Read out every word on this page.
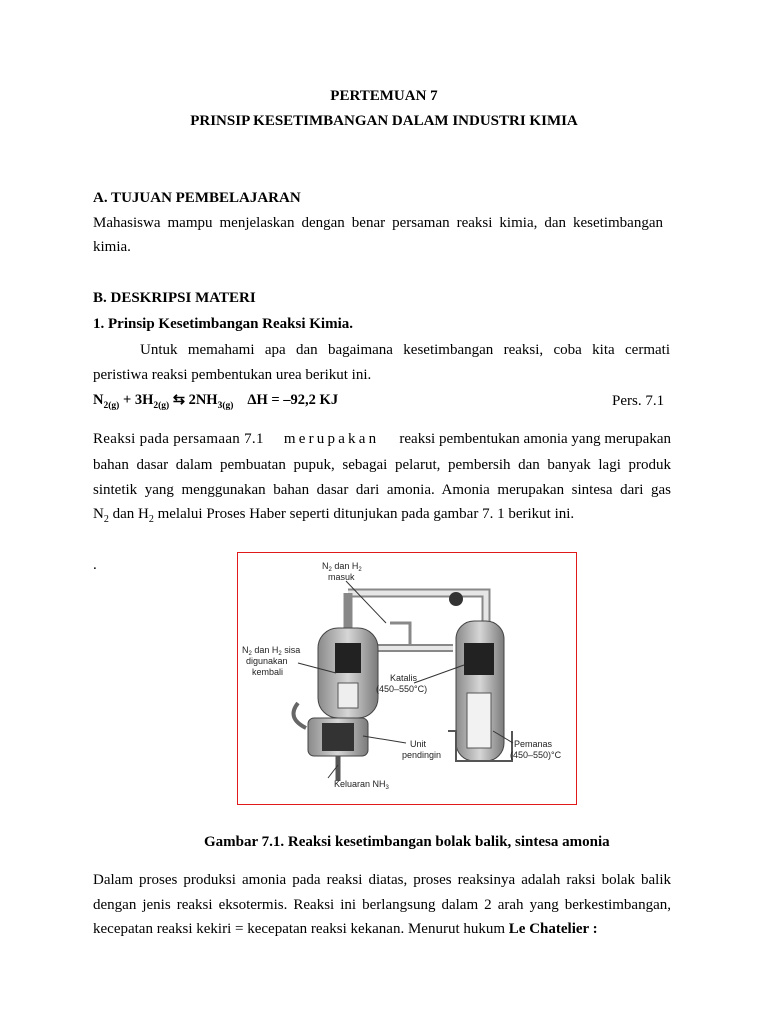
PERTEMUAN 7
PRINSIP KESETIMBANGAN DALAM INDUSTRI KIMIA
A. TUJUAN PEMBELAJARAN
Mahasiswa mampu menjelaskan dengan benar persaman reaksi kimia, dan kesetimbangan
kimia.
B. DESKRIPSI MATERI
1. Prinsip Kesetimbangan Reaksi Kimia.
Untuk memahami apa dan bagaimana kesetimbangan reaksi, coba kita cermati
peristiwa reaksi pembentukan urea berikut ini.
$N_{2(g)} + 3H_{2(g)}$ ⇆ $2NH_{3(g)}$ ΔH = –92,2 KJ	Pers. 7.1
Reaksi pada persamaan 7.1 merupakan reaksi pembentukan amonia yang merupakan
bahan dasar dalam pembuatan pupuk, sebagai pelarut, pembersih dan banyak lagi produk
sintetik yang menggunakan bahan dasar dari amonia. Amonia merupakan sintesa dari gas
$N_2$ dan $H_2$ melalui Proses Haber seperti ditunjukan pada gambar 7. 1 berikut ini.
.	$N_2$ dan $H_2$
masuk
$N_2$ dan $H_2$ sisa
digunakan
kembali
Katalis
(450–550°C)
Unit
pendingin
Pemanas
(450–550)°C
Keluaran $NH_3$
Gambar 7.1. Reaksi kesetimbangan bolak balik, sintesa amonia
Dalam proses produksi amonia pada reaksi diatas, proses reaksinya adalah raksi bolak balik
dengan jenis reaksi eksotermis. Reaksi ini berlangsung dalam 2 arah yang berkestimbangan,
kecepatan reaksi kekiri = kecepatan reaksi kekanan. Menurut hukum Le Chatelier :
